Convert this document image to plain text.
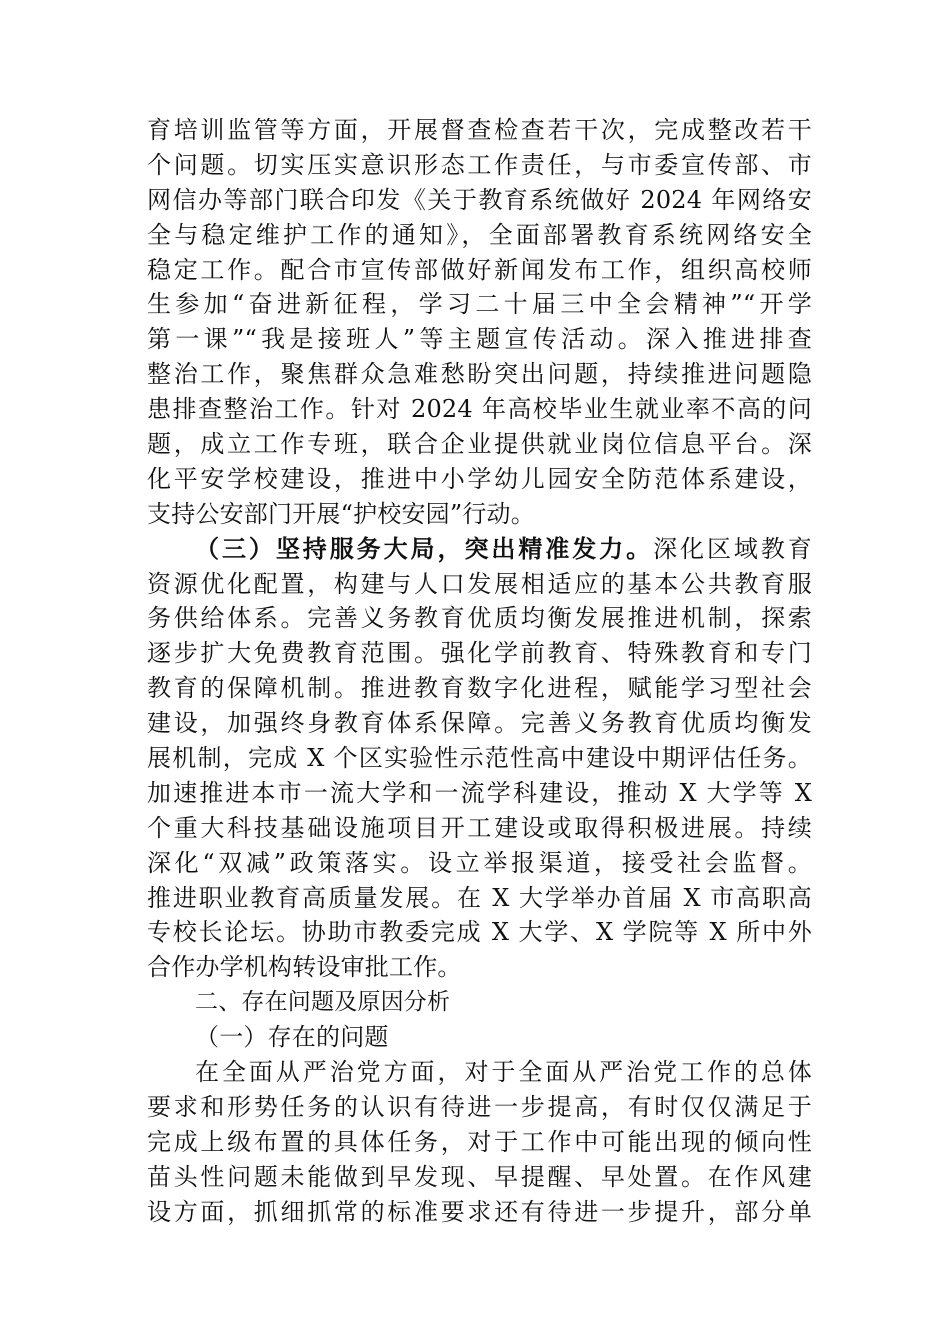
育培训监管等方面，开展督查检查若干次，完成整改若干
个问题。切实压实意识形态工作责任，与市委宣传部、市
网信办等部门联合印发《关于教育系统做好 2024 年网络安
全与稳定维护工作的通知》，全面部署教育系统网络安全
稳定工作。配合市宣传部做好新闻发布工作，组织高校师
生参加“奋进新征程，学习二十届三中全会精神”“开学
第一课”“我是接班人”等主题宣传活动。深入推进排查
整治工作，聚焦群众急难愁盼突出问题，持续推进问题隐
患排查整治工作。针对 2024 年高校毕业生就业率不高的问
题，成立工作专班，联合企业提供就业岗位信息平台。深
化平安学校建设，推进中小学幼儿园安全防范体系建设，
支持公安部门开展“护校安园”行动。
（三）坚持服务大局，突出精准发力。深化区域教育
资源优化配置，构建与人口发展相适应的基本公共教育服
务供给体系。完善义务教育优质均衡发展推进机制，探索
逐步扩大免费教育范围。强化学前教育、特殊教育和专门
教育的保障机制。推进教育数字化进程，赋能学习型社会
建设，加强终身教育体系保障。完善义务教育优质均衡发
展机制，完成 X 个区实验性示范性高中建设中期评估任务。
加速推进本市一流大学和一流学科建设，推动 X 大学等 X
个重大科技基础设施项目开工建设或取得积极进展。持续
深化“双减”政策落实。设立举报渠道，接受社会监督。
推进职业教育高质量发展。在 X 大学举办首届 X 市高职高
专校长论坛。协助市教委完成 X 大学、X 学院等 X 所中外
合作办学机构转设审批工作。
二、存在问题及原因分析
（一）存在的问题
在全面从严治党方面，对于全面从严治党工作的总体
要求和形势任务的认识有待进一步提高，有时仅仅满足于
完成上级布置的具体任务，对于工作中可能出现的倾向性
苗头性问题未能做到早发现、早提醒、早处置。在作风建
设方面，抓细抓常的标准要求还有待进一步提升，部分单
